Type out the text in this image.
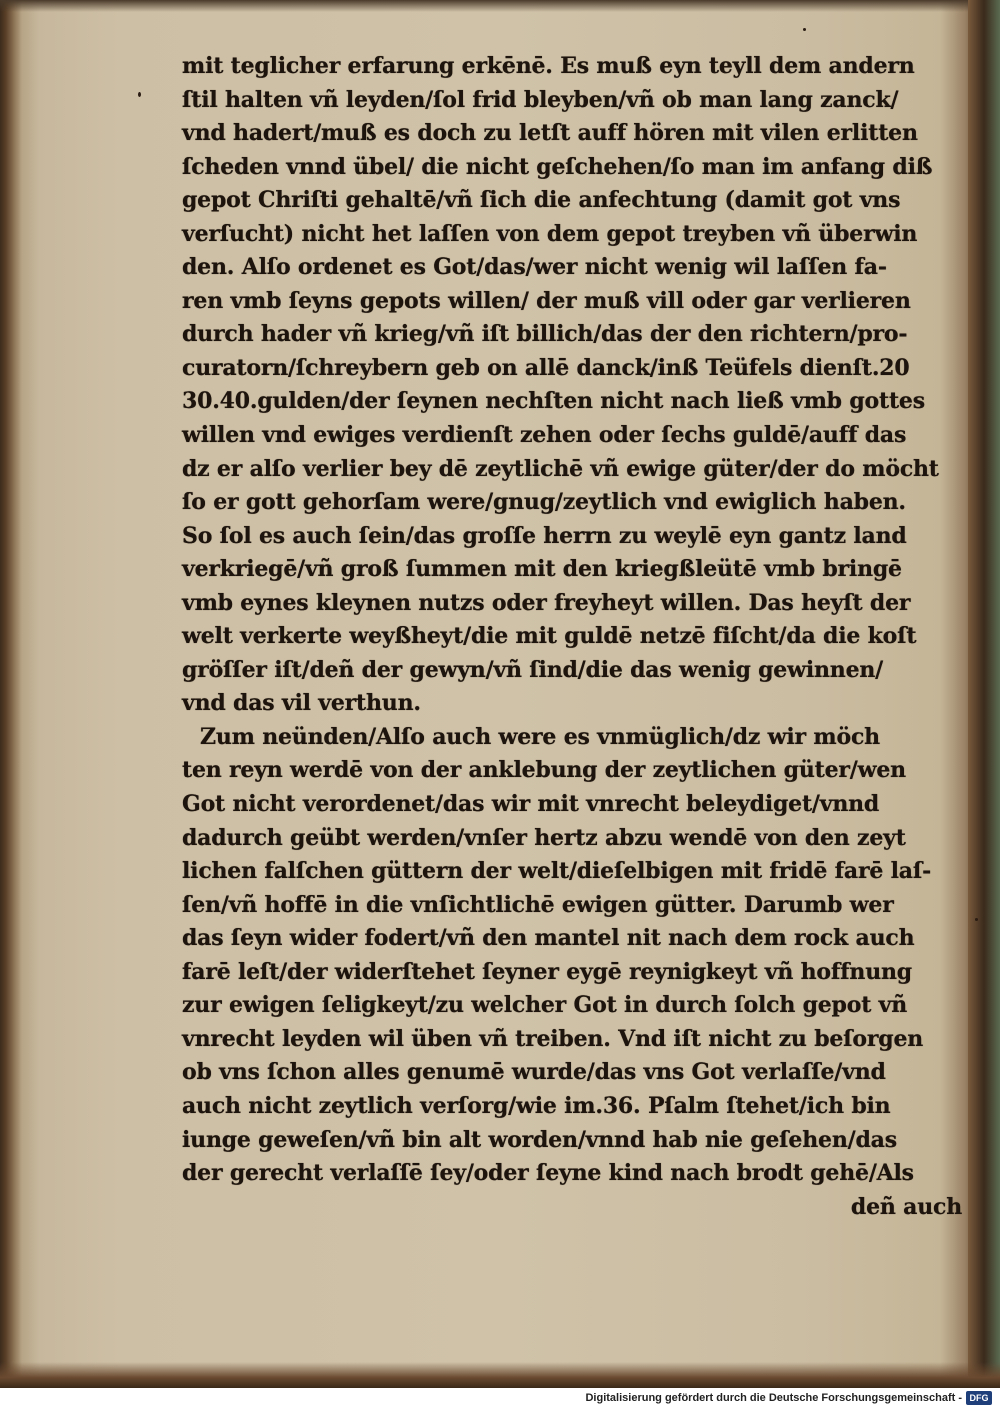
mit teglicher erfarung erkēnē. Es muß eyn teyll dem andern
ſtil halten vñ leyden/ſol frid bleyben/vñ ob man lang zanck/
vnd hadert/muß es doch zu letſt auff hören mit vilen erlitten
ſcheden vnnd übel/ die nicht geſchehen/ſo man im anfang diß
gepot Chriſti gehaltē/vñ ſich die anfechtung (damit got vns
verſucht) nicht het laſſen von dem gepot treyben vñ überwin
den. Alſo ordenet es Got/das/wer nicht wenig wil laſſen fa-
ren vmb ſeyns gepots willen/ der muß vill oder gar verlieren
durch hader vñ krieg/vñ iſt billich/das der den richtern/pro-
curatorn/ſchreybern geb on allē danck/inß Teüfels dienſt.20
30.40.gulden/der ſeynen nechſten nicht nach ließ vmb gottes
willen vnd ewiges verdienſt zehen oder ſechs guldē/auff das
dz er alſo verlier bey dē zeytlichē vñ ewige güter/der do möcht
ſo er gott gehorſam were/gnug/zeytlich vnd ewiglich haben.
So ſol es auch ſein/das groſſe herrn zu weylē eyn gantz land
verkriegē/vñ groß ſummen mit den kriegßleütē vmb bringē
vmb eynes kleynen nutzs oder freyheyt willen. Das heyſt der
welt verkerte weyßheyt/die mit guldē netzē fiſcht/da die koſt
gröſſer iſt/deñ der gewyn/vñ ſind/die das wenig gewinnen/
vnd das vil verthun.
Zum neünden/Alſo auch were es vnmüglich/dz wir möch
ten reyn werdē von der anklebung der zeytlichen güter/wen
Got nicht verordenet/das wir mit vnrecht beleydiget/vnnd
dadurch geübt werden/vnſer hertz abzu wendē von den zeyt
lichen falſchen güttern der welt/dieſelbigen mit fridē farē laſ-
ſen/vñ hoffē in die vnſichtlichē ewigen gütter. Darumb wer
das ſeyn wider fodert/vñ den mantel nit nach dem rock auch
farē leſt/der widerſtehet ſeyner eygē reynigkeyt vñ hoffnung
zur ewigen ſeligkeyt/zu welcher Got in durch ſolch gepot vñ
vnrecht leyden wil üben vñ treiben. Vnd iſt nicht zu beſorgen
ob vns ſchon alles genumē wurde/das vns Got verlaſſe/vnd
auch nicht zeytlich verſorg/wie im.36. Pſalm ſtehet/ich bin
iunge geweſen/vñ bin alt worden/vnnd hab nie geſehen/das
der gerecht verlaſſē ſey/oder ſeyne kind nach brodt gehē/Als
deñ auch
Digitalisierung gefördert durch die Deutsche Forschungsgemeinschaft - DFG
